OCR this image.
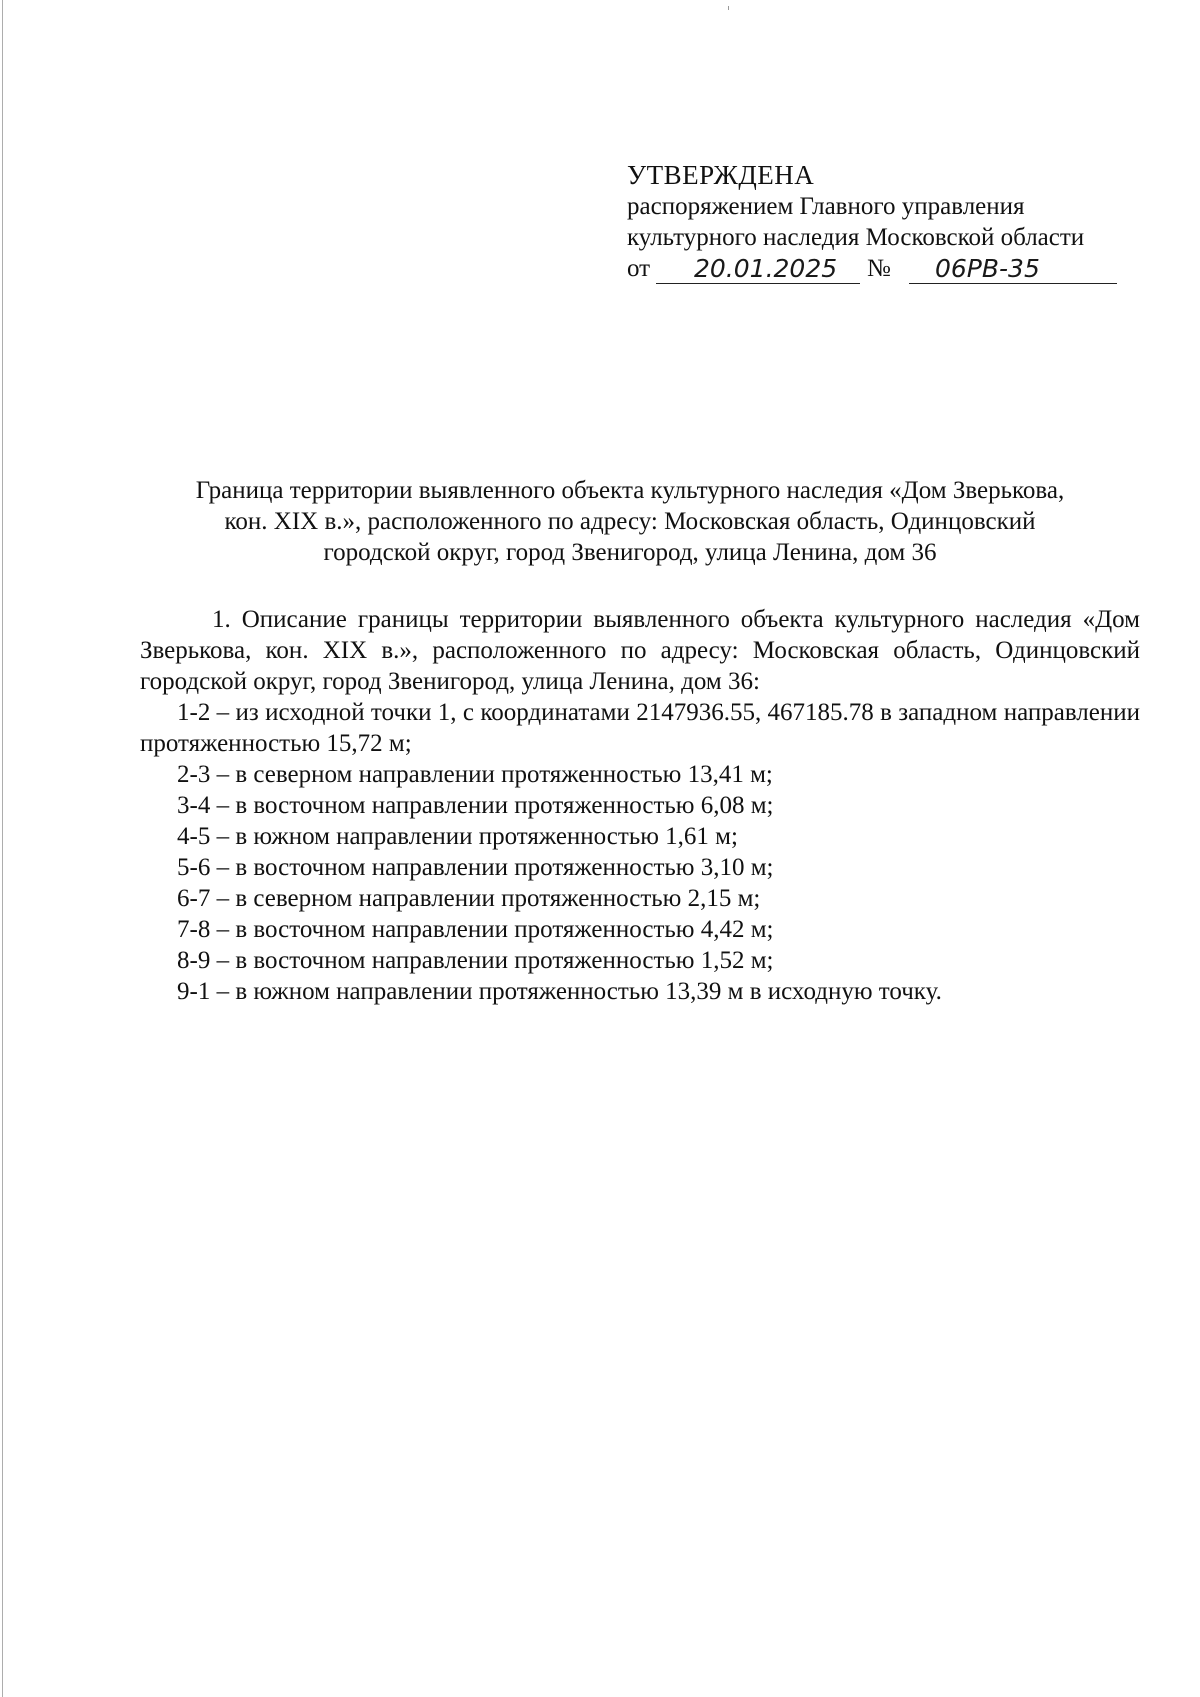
УТВЕРЖДЕНА
распоряжением Главного управления
культурного наследия Московской области
от 20.01.2025 № 06РВ-35
Граница территории выявленного объекта культурного наследия «Дом Зверькова,
кон. XIX в.», расположенного по адресу: Московская область, Одинцовский
городской округ, город Звенигород, улица Ленина, дом 36

1. Описание границы территории выявленного объекта культурного наследия «Дом Зверькова, кон. XIX в.», расположенного по адресу: Московская область, Одинцовский городской округ, город Звенигород, улица Ленина, дом 36:

1-2 – из исходной точки 1, с координатами 2147936.55, 467185.78 в западном направлении протяженностью 15,72 м;
2-3 – в северном направлении протяженностью 13,41 м;
3-4 – в восточном направлении протяженностью 6,08 м;
4-5 – в южном направлении протяженностью 1,61 м;
5-6 – в восточном направлении протяженностью 3,10 м;
6-7 – в северном направлении протяженностью 2,15 м;
7-8 – в восточном направлении протяженностью 4,42 м;
8-9 – в восточном направлении протяженностью 1,52 м;
9-1 – в южном направлении протяженностью 13,39 м в исходную точку.
